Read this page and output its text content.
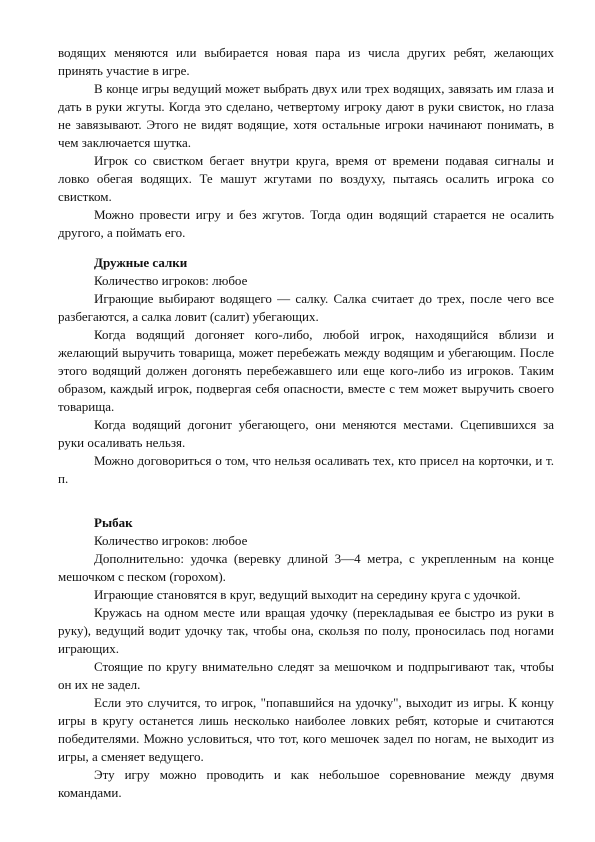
водящих меняются или выбирается новая пара из числа других ребят, желающих принять участие в игре.

В конце игры ведущий может выбрать двух или трех водящих, завязать им глаза и дать в руки жгуты. Когда это сделано, четвертому игроку дают в руки свисток, но глаза не завязывают. Этого не видят водящие, хотя остальные игроки начинают понимать, в чем заключается шутка.

Игрок со свистком бегает внутри круга, время от времени подавая сигналы и ловко обегая водящих. Те машут жгутами по воздуху, пытаясь осалить игрока со свистком.

Можно провести игру и без жгутов. Тогда один водящий старается не осалить другого, а поймать его.

Дружные салки

Количество игроков: любое

Играющие выбирают водящего — салку. Салка считает до трех, после чего все разбегаются, а салка ловит (салит) убегающих.

Когда водящий догоняет кого-либо, любой игрок, находящийся вблизи и желающий выручить товарища, может перебежать между водящим и убегающим. После этого водящий должен догонять перебежавшего или еще кого-либо из игроков. Таким образом, каждый игрок, подвергая себя опасности, вместе с тем может выручить своего товарища.

Когда водящий догонит убегающего, они меняются местами. Сцепившихся за руки осаливать нельзя.

Можно договориться о том, что нельзя осаливать тех, кто присел на корточки, и т. п.

Рыбак

Количество игроков: любое

Дополнительно: удочка (веревку длиной 3—4 метра, с укрепленным на конце мешочком с песком (горохом).

Играющие становятся в круг, ведущий выходит на середину круга с удочкой.

Кружась на одном месте или вращая удочку (перекладывая ее быстро из руки в руку), ведущий водит удочку так, чтобы она, скользя по полу, проносилась под ногами играющих.

Стоящие по кругу внимательно следят за мешочком и подпрыгивают так, чтобы он их не задел.

Если это случится, то игрок, "попавшийся на удочку", выходит из игры. К концу игры в кругу останется лишь несколько наиболее ловких ребят, которые и считаются победителями. Можно условиться, что тот, кого мешочек задел по ногам, не выходит из игры, а сменяет ведущего.

Эту игру можно проводить и как небольшое соревнование между двумя командами.
